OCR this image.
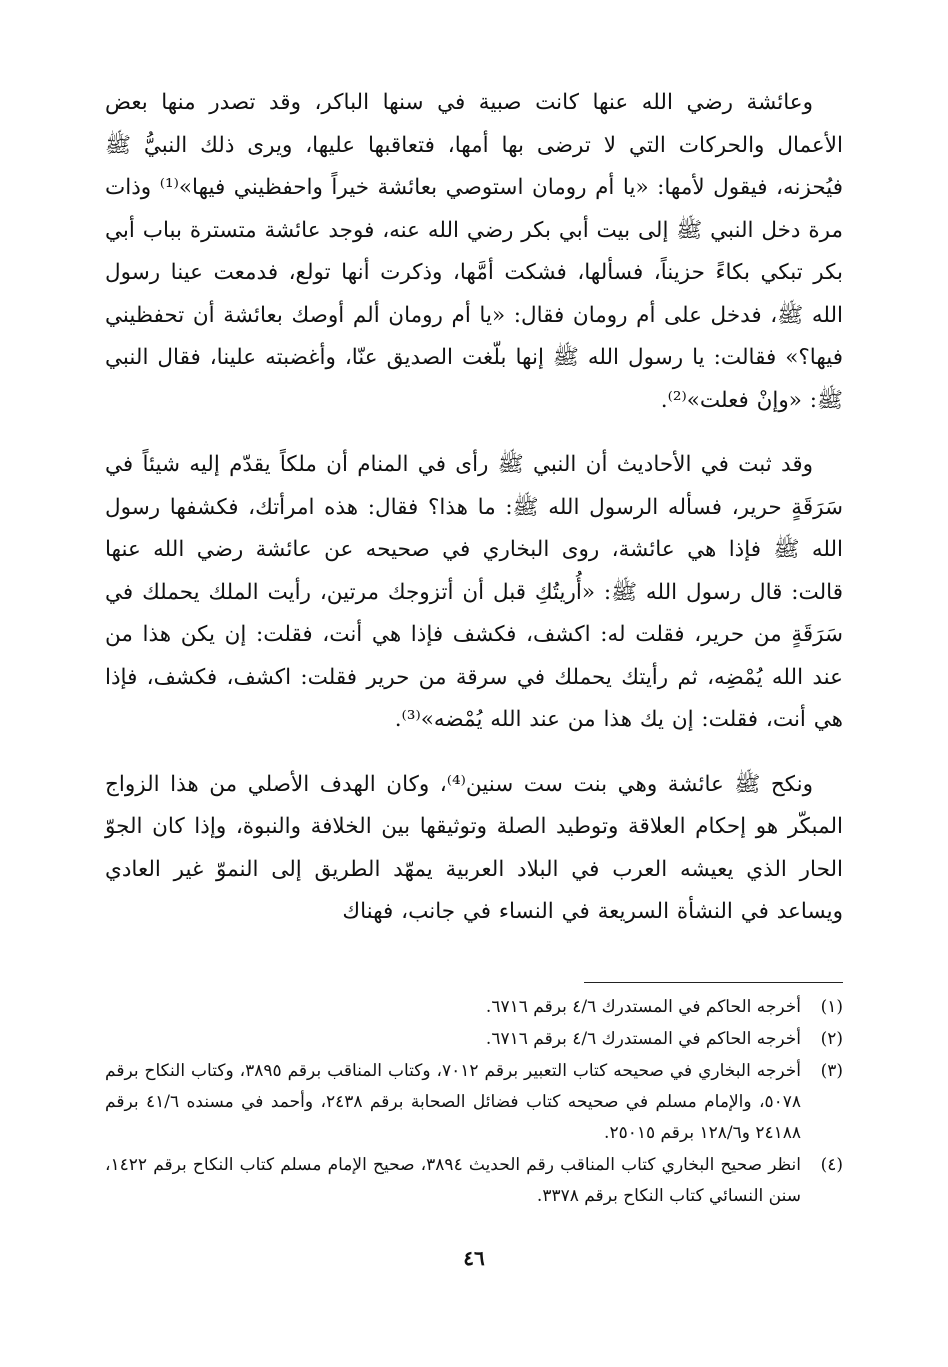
وعائشة رضي الله عنها كانت صبية في سنها الباكر، وقد تصدر منها بعض الأعمال والحركات التي لا ترضى بها أمها، فتعاقبها عليها، ويرى ذلك النبيُّ ﷺ فيُحزنه، فيقول لأمها: «يا أم رومان استوصي بعائشة خيراً واحفظيني فيها»⁽¹⁾ وذات مرة دخل النبي ﷺ إلى بيت أبي بكر رضي الله عنه، فوجد عائشة متسترة بباب أبي بكر تبكي بكاءً حزيناً، فسألها، فشكت أمَّها، وذكرت أنها تولع، فدمعت عينا رسول الله ﷺ، فدخل على أم رومان فقال: «يا أم رومان ألم أوصك بعائشة أن تحفظيني فيها؟» فقالت: يا رسول الله ﷺ إنها بلّغت الصديق عنّا، وأغضبته علينا، فقال النبي ﷺ: «وإنْ فعلت»⁽²⁾.

وقد ثبت في الأحاديث أن النبي ﷺ رأى في المنام أن ملكاً يقدّم إليه شيئاً في سَرَقَةٍ حرير، فسأله الرسول الله ﷺ: ما هذا؟ فقال: هذه امرأتك، فكشفها رسول الله ﷺ فإذا هي عائشة، روى البخاري في صحيحه عن عائشة رضي الله عنها قالت: قال رسول الله ﷺ: «أُريتُكِ قبل أن أتزوجك مرتين، رأيت الملك يحملك في سَرَقَةٍ من حرير، فقلت له: اكشف، فكشف فإذا هي أنت، فقلت: إن يكن هذا من عند الله يُمْضِه، ثم رأيتك يحملك في سرقة من حرير فقلت: اكشف، فكشف، فإذا هي أنت، فقلت: إن يك هذا من عند الله يُمْضه»⁽³⁾.

ونكح ﷺ عائشة وهي بنت ست سنين⁽⁴⁾، وكان الهدف الأصلي من هذا الزواج المبكّر هو إحكام العلاقة وتوطيد الصلة وتوثيقها بين الخلافة والنبوة، وإذا كان الجوّ الحار الذي يعيشه العرب في البلاد العربية يمهّد الطريق إلى النموّ غير العادي ويساعد في النشأة السريعة في النساء في جانب، فهناك

(١)
أخرجه الحاكم في المستدرك ٤/٦ برقم ٦٧١٦.
(٢)
أخرجه الحاكم في المستدرك ٤/٦ برقم ٦٧١٦.
(٣)
أخرجه البخاري في صحيحه كتاب التعبير برقم ٧٠١٢، وكتاب المناقب برقم ٣٨٩٥، وكتاب النكاح برقم ٥٠٧٨، والإمام مسلم في صحيحه كتاب فضائل الصحابة برقم ٢٤٣٨، وأحمد في مسنده ٤١/٦ برقم ٢٤١٨٨ و١٢٨/٦ برقم ٢٥٠١٥.
(٤)
انظر صحيح البخاري كتاب المناقب رقم الحديث ٣٨٩٤، صحيح الإمام مسلم كتاب النكاح برقم ١٤٢٢، سنن النسائي كتاب النكاح برقم ٣٣٧٨.
٤٦
